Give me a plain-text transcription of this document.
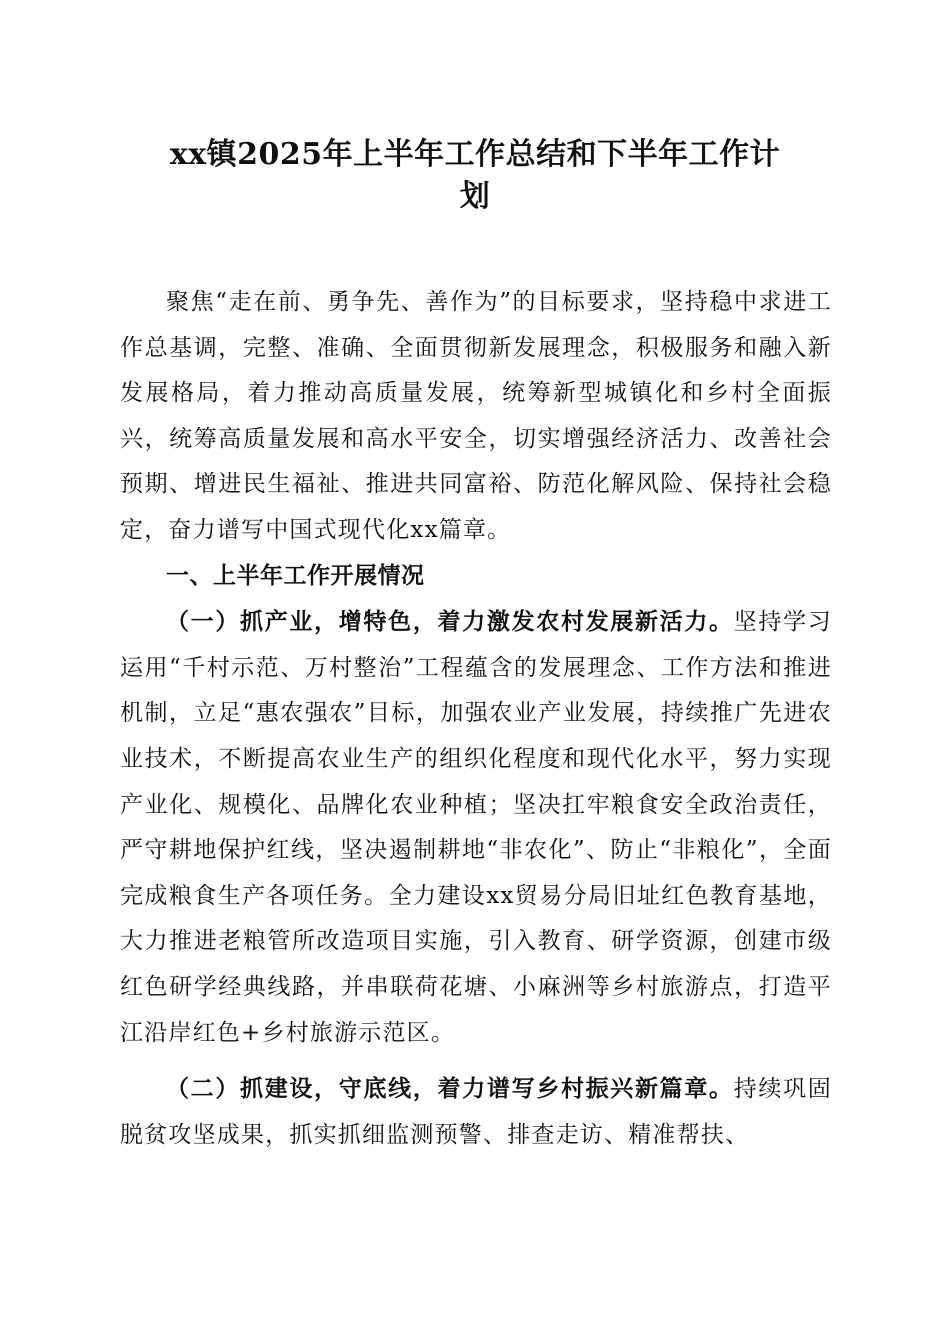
xx镇2025年上半年工作总结和下半年工作计
划

聚焦“走在前、勇争先、善作为”的目标要求，坚持稳中求进工作总基调，完整、准确、全面贯彻新发展理念，积极服务和融入新发展格局，着力推动高质量发展，统筹新型城镇化和乡村全面振兴，统筹高质量发展和高水平安全，切实增强经济活力、改善社会预期、增进民生福祉、推进共同富裕、防范化解风险、保持社会稳定，奋力谱写中国式现代化xx篇章。

一、上半年工作开展情况

（一）抓产业，增特色，着力激发农村发展新活力。坚持学习运用“千村示范、万村整治”工程蕴含的发展理念、工作方法和推进机制，立足“惠农强农”目标，加强农业产业发展，持续推广先进农业技术，不断提高农业生产的组织化程度和现代化水平，努力实现产业化、规模化、品牌化农业种植；坚决扛牢粮食安全政治责任，严守耕地保护红线，坚决遏制耕地“非农化”、防止“非粮化”，全面完成粮食生产各项任务。全力建设xx贸易分局旧址红色教育基地，大力推进老粮管所改造项目实施，引入教育、研学资源，创建市级红色研学经典线路，并串联荷花塘、小麻洲等乡村旅游点，打造平江沿岸红色+乡村旅游示范区。

（二）抓建设，守底线，着力谱写乡村振兴新篇章。持续巩固脱贫攻坚成果，抓实抓细监测预警、排查走访、精准帮扶、
